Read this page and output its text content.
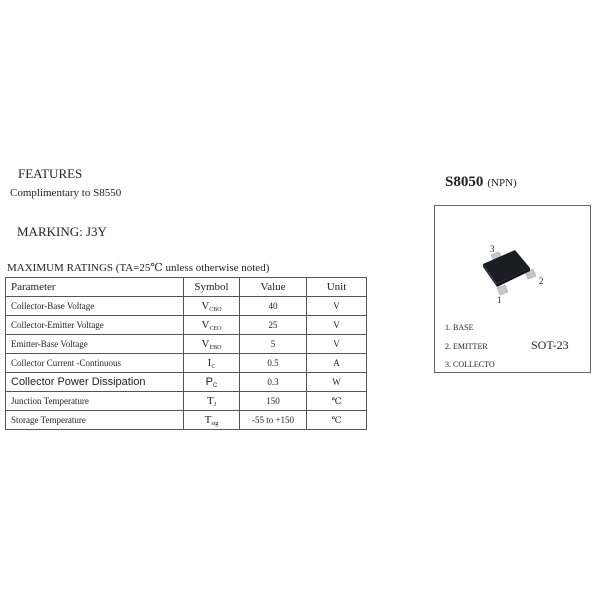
FEATURES
Complimentary to S8550
MARKING: J3Y
MAXIMUM RATINGS (TA=25℃ unless otherwise noted)
Parameter	Symbol	Value	Unit
Collector-Base Voltage	$V_{CBO}$	40	V
Collector-Emitter Voltage	$V_{CEO}$	25	V
Emitter-Base Voltage	$V_{EBO}$	5	V
Collector Current -Continuous	$I_C$	0.5	A
Collector Power Dissipation	$P_C$	0.3	W
Junction Temperature	$T_J$	150	℃
Storage Temperature	$T_{stg}$	-55 to +150	℃
S8050 (NPN)
3
2
1
1. BASE
2. EMITTER
3. COLLECTO
SOT-23
